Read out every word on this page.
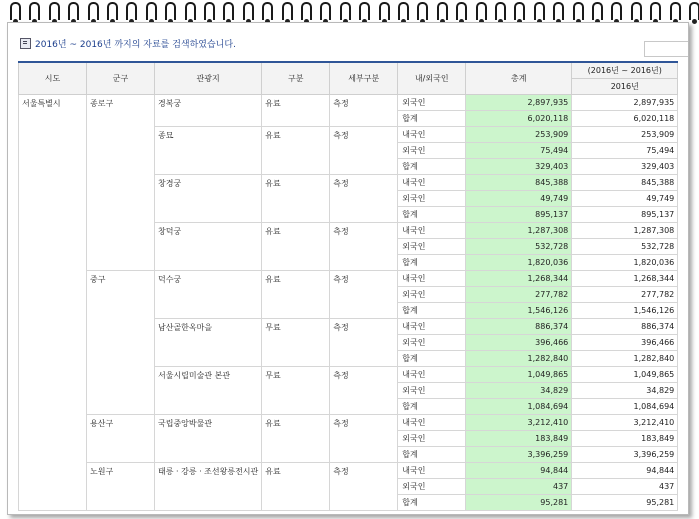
2016년 ~ 2016년 까지의 자료를 검색하였습니다.
시도	군구	관광지	구분	세부구분	내/외국인	총계	(2016년 ~ 2016년)
							2016년
서울특별시	종로구	경복궁	유료	측정	외국인	2,897,935	2,897,935
					합계	6,020,118	6,020,118
		종묘	유료	측정	내국인	253,909	253,909
					외국인	75,494	75,494
					합계	329,403	329,403
		창경궁	유료	측정	내국인	845,388	845,388
					외국인	49,749	49,749
					합계	895,137	895,137
		창덕궁	유료	측정	내국인	1,287,308	1,287,308
					외국인	532,728	532,728
					합계	1,820,036	1,820,036
	중구	덕수궁	유료	측정	내국인	1,268,344	1,268,344
					외국인	277,782	277,782
					합계	1,546,126	1,546,126
		남산골한옥마을	무료	측정	내국인	886,374	886,374
					외국인	396,466	396,466
					합계	1,282,840	1,282,840
		서울시립미술관 본관	무료	측정	내국인	1,049,865	1,049,865
					외국인	34,829	34,829
					합계	1,084,694	1,084,694
	용산구	국립중앙박물관	유료	측정	내국인	3,212,410	3,212,410
					외국인	183,849	183,849
					합계	3,396,259	3,396,259
	노원구	태릉 · 강릉 · 조선왕릉전시관	유료	측정	내국인	94,844	94,844
					외국인	437	437
					합계	95,281	95,281
